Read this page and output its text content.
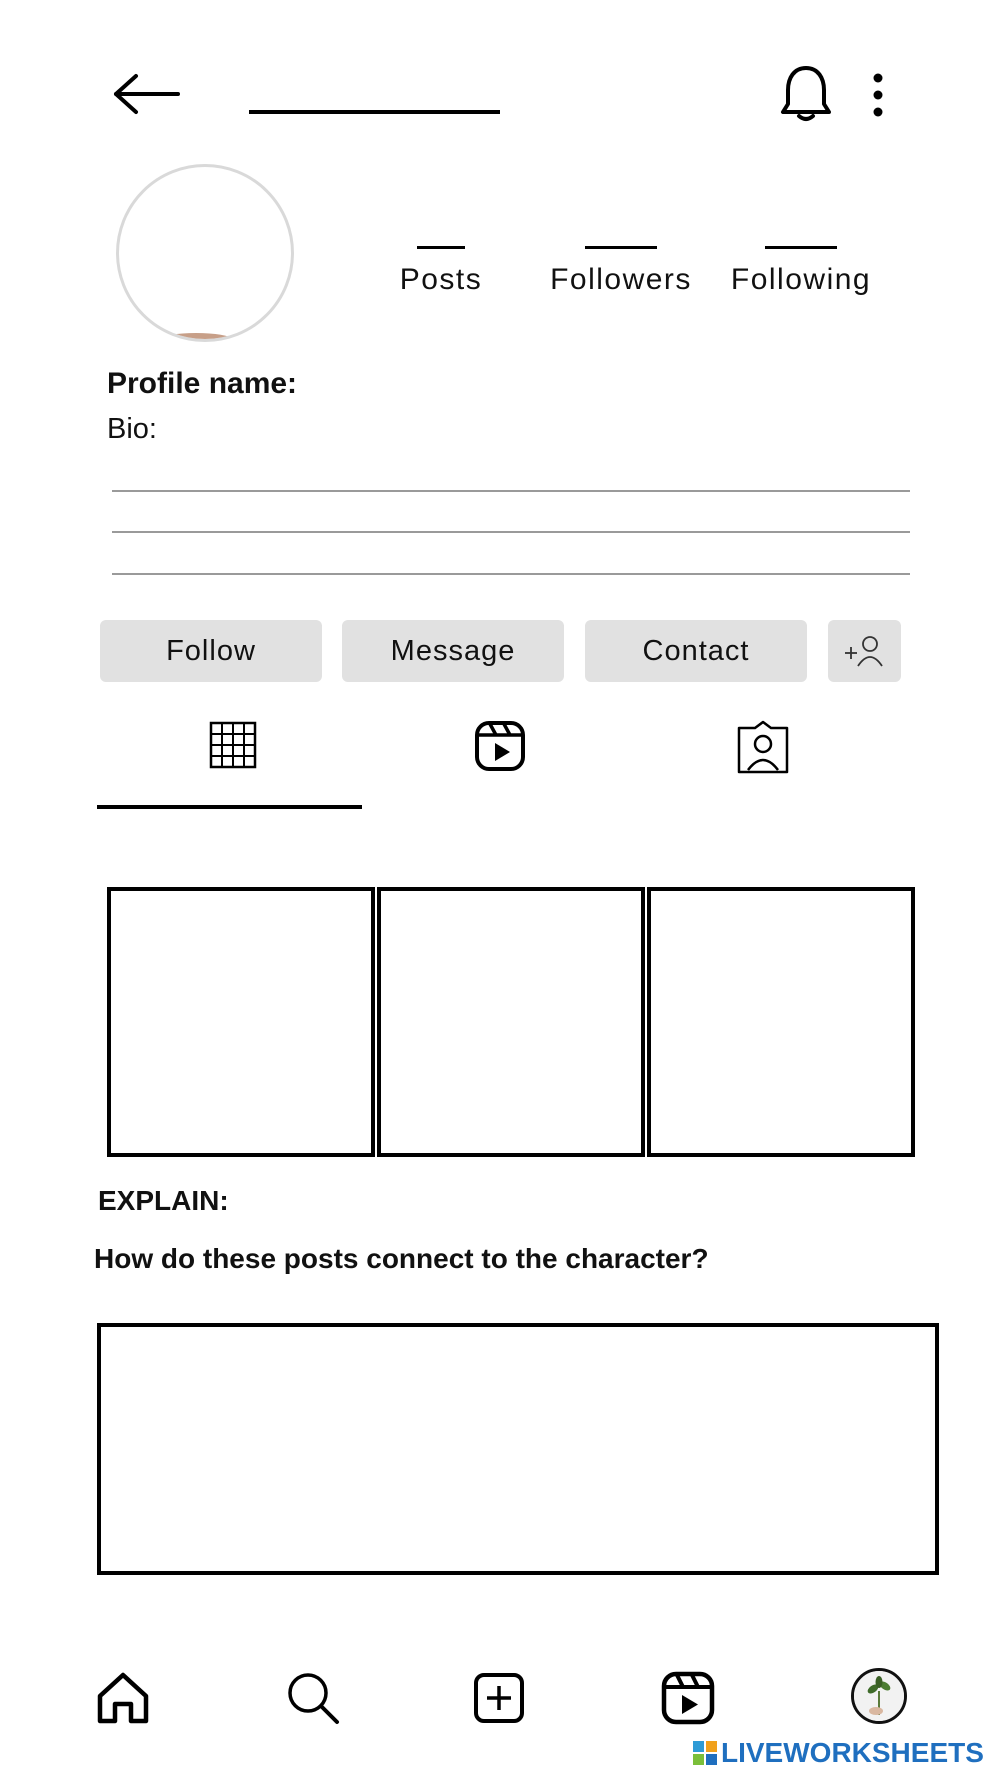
Posts	Followers	Following
Profile name:
Bio:
Follow	Message	Contact
EXPLAIN:
How do these posts connect to the character?
LIVEWORKSHEETS
